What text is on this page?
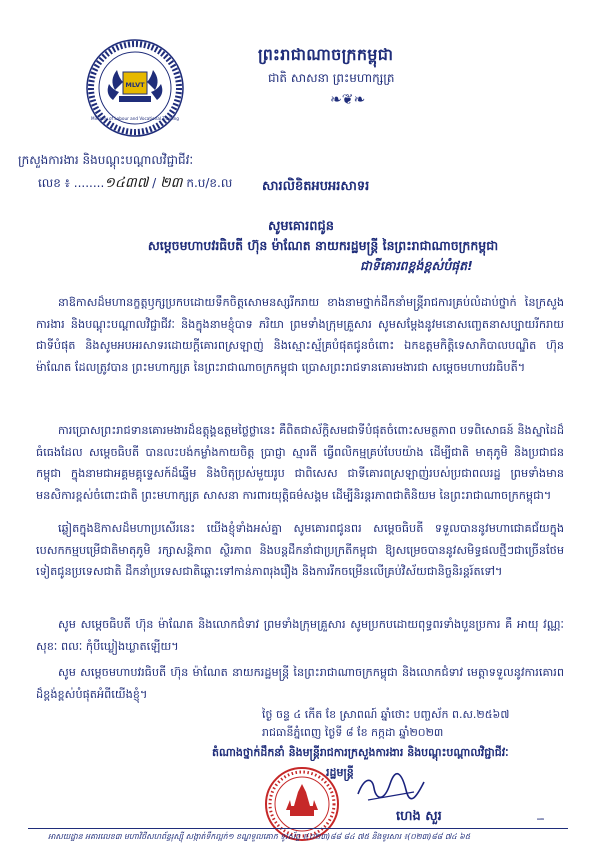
MLVT
Ministry of Labour and Vocational Training
ព្រះរាជាណាចក្រកម្ពុជា
ជាតិ សាសនា ព្រះមហាក្សត្រ
❧❦❧
ក្រសួងការងារ និងបណ្តុះបណ្តាលវិជ្ជាជីវៈ
លេខ ៖ ........១៤៣៧ / ២៣ ក.ប/ខ.ល សារលិខិតអបអរសាទរ
សូមគោរពជូន
សម្តេចមហាបវរធិបតី ហ៊ុន ម៉ាណែត នាយករដ្ឋមន្ត្រី នៃព្រះរាជាណាចក្រកម្ពុជា
ជាទីគោរពខ្ពង់ខ្ពស់បំផុត!
នាឱកាសដ៏មហានក្ខត្តឫក្សប្រកបដោយទឹកចិត្តសោមនស្សរីករាយ ខាងនាមថ្នាក់ដឹកនាំមន្ត្រីរាជការគ្រប់លំដាប់ថ្នាក់ នៃក្រសួងការងារ និងបណ្តុះបណ្តាលវិជ្ជាជីវៈ និងក្នុងនាមខ្ញុំបាទ ភរិយា ព្រមទាំងក្រុមគ្រួសារ សូមសម្តែងនូវមនោសញ្ចេតនាសប្បាយរីករាយជាទីបំផុត និងសូមអបអរសាទរដោយក្តីគោរពស្រឡាញ់ និងស្មោះស្ម័គ្របំផុតជូនចំពោះ ឯកឧត្តមកិត្តិទេសាភិបាលបណ្ឌិត ហ៊ុន ម៉ាណែត ដែលត្រូវបាន ព្រះមហាក្សត្រ នៃព្រះរាជាណាចក្រកម្ពុជា ប្រោសព្រះរាជទានគោរមងារជា សម្តេចមហាបវរធិបតី។
ការប្រោសព្រះរាជទានគោរមងារដ៏ឧត្តុង្គឧត្តមថ្លៃថ្លានេះ គឺពិតជាស័ក្តិសមជាទីបំផុតចំពោះសមត្ថភាព បទពិសោធន៍ និងស្នាដៃដ៏ធំធេងដែល សម្តេចធិបតី បានលះបង់កម្លាំងកាយចិត្ត ប្រាជ្ញា ស្មារតី ធ្វើពលិកម្មគ្រប់បែបយ៉ាង ដើម្បីជាតិ មាតុភូមិ និងប្រជាជនកម្ពុជា ក្នុងនាមជាអគ្គមគ្គុទ្ទេសក៍ដ៏ឆ្នើម និងបិតុប្រស់មួយរូប ជាពិសេស ជាទីគោរពស្រឡាញ់របស់ប្រជាពលរដ្ឋ ព្រមទាំងមានមនសិការខ្ពស់ចំពោះជាតិ ព្រះមហាក្សត្រ សាសនា ការពារយុត្តិធម៌សង្គម ដើម្បីនិរន្តរភាពជាតិនិយម នៃព្រះរាជាណាចក្រកម្ពុជា។
ឆ្លៀតក្នុងឱកាសដ៏មហាប្រសើរនេះ យើងខ្ញុំទាំងអស់គ្នា សូមគោរពជូនពរ សម្តេចធិបតី ទទួលបាននូវមហាជោគជ័យក្នុងបេសកកម្មបម្រើជាតិមាតុភូមិ រក្សាសន្តិភាព ស្ថិរភាព និងបន្តដឹកនាំជាប្រក្រតីកម្ពុជា ឱ្យសម្រេចបាននូវសមិទ្ធផលថ្មីៗជាច្រើនថែមទៀតជូនប្រទេសជាតិ ដឹកនាំប្រទេសជាតិឆ្ពោះទៅកាន់ភាពរុងរឿង និងការរីកចម្រើនលើគ្រប់វិស័យជានិច្ចនិរន្តរ៍តទៅ។
សូម សម្តេចធិបតី ហ៊ុន ម៉ាណែត និងលោកជំទាវ ព្រមទាំងក្រុមគ្រួសារ សូមប្រកបដោយពុទ្ធពរទាំងបួនប្រការ គឺ អាយុ វណ្ណៈ សុខៈ ពលៈ កុំបីឃ្លៀងឃ្លាតឡើយ។
សូម សម្តេចមហាបវរធិបតី ហ៊ុន ម៉ាណែត នាយករដ្ឋមន្ត្រី នៃព្រះរាជាណាចក្រកម្ពុជា និងលោកជំទាវ មេត្តាទទួលនូវការគោរពដ៏ខ្ពង់ខ្ពស់បំផុតអំពីយើងខ្ញុំ។
ថ្ងៃ ចន្ទ ៤ កើត ខែ ស្រាពណ៍ ឆ្នាំថោះ បញ្ចស័ក ព.ស.២៥៦៧
រាជធានីភ្នំពេញ ថ្ងៃទី ៨ ខែ កក្កដា ឆ្នាំ២០២៣
តំណាងថ្នាក់ដឹកនាំ និងមន្ត្រីរាជការក្រសួងការងារ និងបណ្តុះបណ្តាលវិជ្ជាជីវៈ
រដ្ឋមន្ត្រី
ហេង សួរ	-̶
អាសយដ្ឋាន អគារលេខ៣ មហាវិថីសហព័ន្ធរុស្ស៊ី សង្កាត់ទឹកល្អក់១ ខណ្ឌទួលគោក ទូរស័ព្ទ ៖(០២៣)៨៨ ៨៤ ៧៥ និងទូរសារ ៖(០២៣)៨៨ ៧៤ ៦៥
